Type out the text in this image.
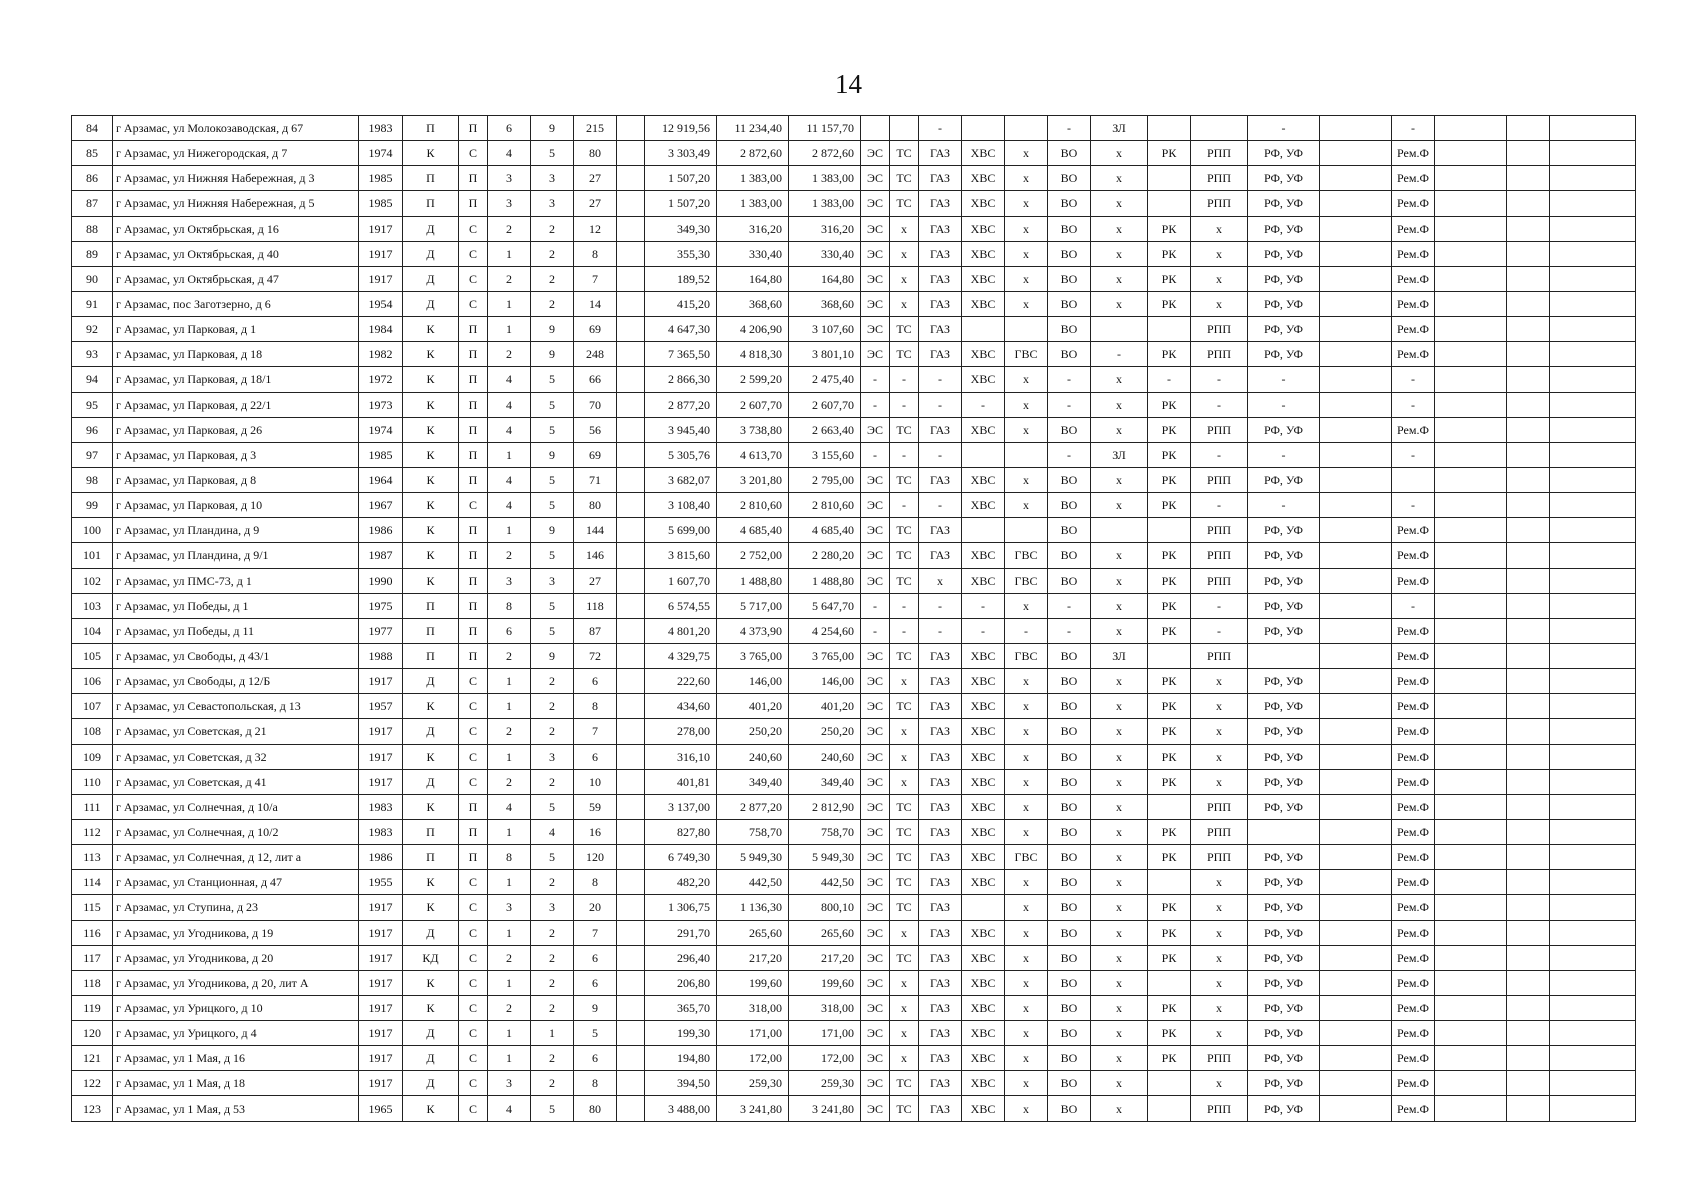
14
84	г Арзамас, ул Молокозаводская, д 67	1983	П	П	6	9	215		12 919,56	11 234,40	11 157,70			-			-	ЗЛ			-		-			
85	г Арзамас, ул Нижегородская, д 7	1974	К	С	4	5	80		3 303,49	2 872,60	2 872,60	ЭС	ТС	ГАЗ	ХВС	х	ВО	х	РК	РПП	РФ, УФ		Рем.Ф			
86	г Арзамас, ул Нижняя Набережная, д 3	1985	П	П	3	3	27		1 507,20	1 383,00	1 383,00	ЭС	ТС	ГАЗ	ХВС	х	ВО	х		РПП	РФ, УФ		Рем.Ф			
87	г Арзамас, ул Нижняя Набережная, д 5	1985	П	П	3	3	27		1 507,20	1 383,00	1 383,00	ЭС	ТС	ГАЗ	ХВС	х	ВО	х		РПП	РФ, УФ		Рем.Ф			
88	г Арзамас, ул Октябрьская, д 16	1917	Д	С	2	2	12		349,30	316,20	316,20	ЭС	х	ГАЗ	ХВС	х	ВО	х	РК	х	РФ, УФ		Рем.Ф			
89	г Арзамас, ул Октябрьская, д 40	1917	Д	С	1	2	8		355,30	330,40	330,40	ЭС	х	ГАЗ	ХВС	х	ВО	х	РК	х	РФ, УФ		Рем.Ф			
90	г Арзамас, ул Октябрьская, д 47	1917	Д	С	2	2	7		189,52	164,80	164,80	ЭС	х	ГАЗ	ХВС	х	ВО	х	РК	х	РФ, УФ		Рем.Ф			
91	г Арзамас, пос Заготзерно, д 6	1954	Д	С	1	2	14		415,20	368,60	368,60	ЭС	х	ГАЗ	ХВС	х	ВО	х	РК	х	РФ, УФ		Рем.Ф			
92	г Арзамас, ул Парковая, д 1	1984	К	П	1	9	69		4 647,30	4 206,90	3 107,60	ЭС	ТС	ГАЗ			ВО			РПП	РФ, УФ		Рем.Ф			
93	г Арзамас, ул Парковая, д 18	1982	К	П	2	9	248		7 365,50	4 818,30	3 801,10	ЭС	ТС	ГАЗ	ХВС	ГВС	ВО	-	РК	РПП	РФ, УФ		Рем.Ф			
94	г Арзамас, ул Парковая, д 18/1	1972	К	П	4	5	66		2 866,30	2 599,20	2 475,40	-	-	-	ХВС	х	-	х	-	-	-		-			
95	г Арзамас, ул Парковая, д 22/1	1973	К	П	4	5	70		2 877,20	2 607,70	2 607,70	-	-	-	-	х	-	х	РК	-	-		-			
96	г Арзамас, ул Парковая, д 26	1974	К	П	4	5	56		3 945,40	3 738,80	2 663,40	ЭС	ТС	ГАЗ	ХВС	х	ВО	х	РК	РПП	РФ, УФ		Рем.Ф			
97	г Арзамас, ул Парковая, д 3	1985	К	П	1	9	69		5 305,76	4 613,70	3 155,60	-	-	-			-	ЗЛ	РК	-	-		-			
98	г Арзамас, ул Парковая, д 8	1964	К	П	4	5	71		3 682,07	3 201,80	2 795,00	ЭС	ТС	ГАЗ	ХВС	х	ВО	х	РК	РПП	РФ, УФ					
99	г Арзамас, ул Парковая, д 10	1967	К	С	4	5	80		3 108,40	2 810,60	2 810,60	ЭС	-	-	ХВС	х	ВО	х	РК	-	-		-			
100	г Арзамас, ул Пландина, д 9	1986	К	П	1	9	144		5 699,00	4 685,40	4 685,40	ЭС	ТС	ГАЗ			ВО			РПП	РФ, УФ		Рем.Ф			
101	г Арзамас, ул Пландина, д 9/1	1987	К	П	2	5	146		3 815,60	2 752,00	2 280,20	ЭС	ТС	ГАЗ	ХВС	ГВС	ВО	х	РК	РПП	РФ, УФ		Рем.Ф			
102	г Арзамас, ул ПМС-73, д 1	1990	К	П	3	3	27		1 607,70	1 488,80	1 488,80	ЭС	ТС	х	ХВС	ГВС	ВО	х	РК	РПП	РФ, УФ		Рем.Ф			
103	г Арзамас, ул Победы, д 1	1975	П	П	8	5	118		6 574,55	5 717,00	5 647,70	-	-	-	-	х	-	х	РК	-	РФ, УФ		-			
104	г Арзамас, ул Победы, д 11	1977	П	П	6	5	87		4 801,20	4 373,90	4 254,60	-	-	-	-	-	-	х	РК	-	РФ, УФ		Рем.Ф			
105	г Арзамас, ул Свободы, д 43/1	1988	П	П	2	9	72		4 329,75	3 765,00	3 765,00	ЭС	ТС	ГАЗ	ХВС	ГВС	ВО	ЗЛ		РПП			Рем.Ф			
106	г Арзамас, ул Свободы, д 12/Б	1917	Д	С	1	2	6		222,60	146,00	146,00	ЭС	х	ГАЗ	ХВС	х	ВО	х	РК	х	РФ, УФ		Рем.Ф			
107	г Арзамас, ул Севастопольская, д 13	1957	К	С	1	2	8		434,60	401,20	401,20	ЭС	ТС	ГАЗ	ХВС	х	ВО	х	РК	х	РФ, УФ		Рем.Ф			
108	г Арзамас, ул Советская, д 21	1917	Д	С	2	2	7		278,00	250,20	250,20	ЭС	х	ГАЗ	ХВС	х	ВО	х	РК	х	РФ, УФ		Рем.Ф			
109	г Арзамас, ул Советская, д 32	1917	К	С	1	3	6		316,10	240,60	240,60	ЭС	х	ГАЗ	ХВС	х	ВО	х	РК	х	РФ, УФ		Рем.Ф			
110	г Арзамас, ул Советская, д 41	1917	Д	С	2	2	10		401,81	349,40	349,40	ЭС	х	ГАЗ	ХВС	х	ВО	х	РК	х	РФ, УФ		Рем.Ф			
111	г Арзамас, ул Солнечная, д 10/а	1983	К	П	4	5	59		3 137,00	2 877,20	2 812,90	ЭС	ТС	ГАЗ	ХВС	х	ВО	х		РПП	РФ, УФ		Рем.Ф			
112	г Арзамас, ул Солнечная, д 10/2	1983	П	П	1	4	16		827,80	758,70	758,70	ЭС	ТС	ГАЗ	ХВС	х	ВО	х	РК	РПП			Рем.Ф			
113	г Арзамас, ул Солнечная, д 12, лит а	1986	П	П	8	5	120		6 749,30	5 949,30	5 949,30	ЭС	ТС	ГАЗ	ХВС	ГВС	ВО	х	РК	РПП	РФ, УФ		Рем.Ф			
114	г Арзамас, ул Станционная, д 47	1955	К	С	1	2	8		482,20	442,50	442,50	ЭС	ТС	ГАЗ	ХВС	х	ВО	х		х	РФ, УФ		Рем.Ф			
115	г Арзамас, ул Ступина, д 23	1917	К	С	3	3	20		1 306,75	1 136,30	800,10	ЭС	ТС	ГАЗ		х	ВО	х	РК	х	РФ, УФ		Рем.Ф			
116	г Арзамас, ул Угодникова, д 19	1917	Д	С	1	2	7		291,70	265,60	265,60	ЭС	х	ГАЗ	ХВС	х	ВО	х	РК	х	РФ, УФ		Рем.Ф			
117	г Арзамас, ул Угодникова, д 20	1917	КД	С	2	2	6		296,40	217,20	217,20	ЭС	ТС	ГАЗ	ХВС	х	ВО	х	РК	х	РФ, УФ		Рем.Ф			
118	г Арзамас, ул Угодникова, д 20, лит А	1917	К	С	1	2	6		206,80	199,60	199,60	ЭС	х	ГАЗ	ХВС	х	ВО	х		х	РФ, УФ		Рем.Ф			
119	г Арзамас, ул Урицкого, д 10	1917	К	С	2	2	9		365,70	318,00	318,00	ЭС	х	ГАЗ	ХВС	х	ВО	х	РК	х	РФ, УФ		Рем.Ф			
120	г Арзамас, ул Урицкого, д 4	1917	Д	С	1	1	5		199,30	171,00	171,00	ЭС	х	ГАЗ	ХВС	х	ВО	х	РК	х	РФ, УФ		Рем.Ф			
121	г Арзамас, ул 1 Мая, д 16	1917	Д	С	1	2	6		194,80	172,00	172,00	ЭС	х	ГАЗ	ХВС	х	ВО	х	РК	РПП	РФ, УФ		Рем.Ф			
122	г Арзамас, ул 1 Мая, д 18	1917	Д	С	3	2	8		394,50	259,30	259,30	ЭС	ТС	ГАЗ	ХВС	х	ВО	х		х	РФ, УФ		Рем.Ф			
123	г Арзамас, ул 1 Мая, д 53	1965	К	С	4	5	80		3 488,00	3 241,80	3 241,80	ЭС	ТС	ГАЗ	ХВС	х	ВО	х		РПП	РФ, УФ		Рем.Ф			
